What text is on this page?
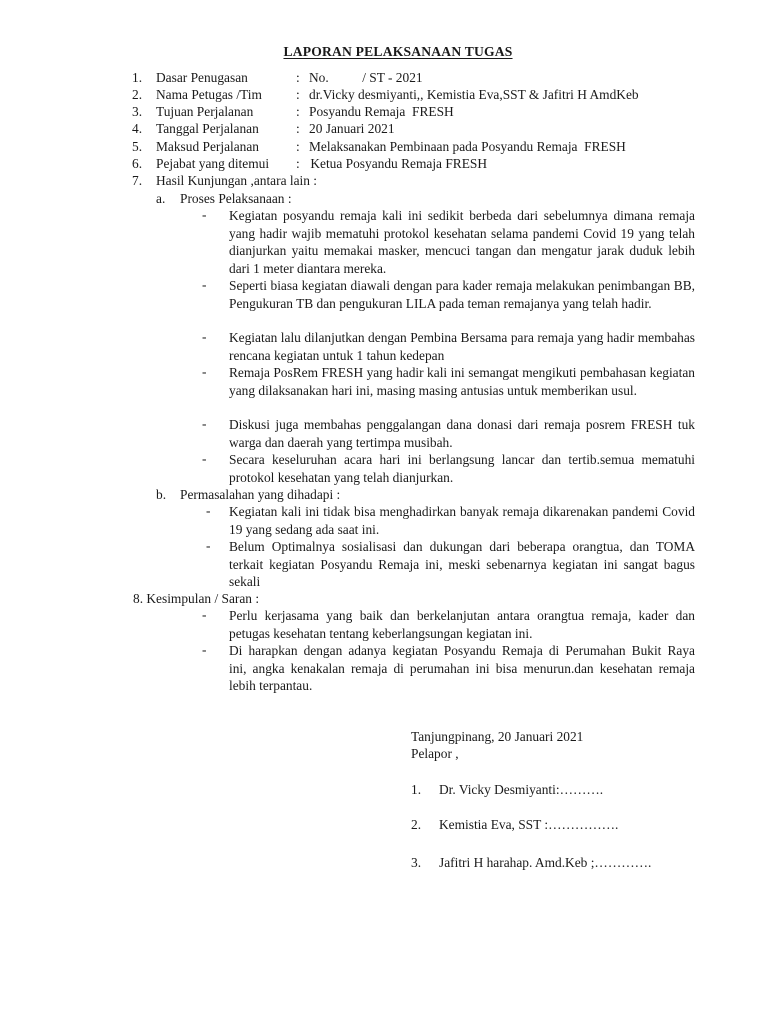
LAPORAN PELAKSANAAN TUGAS
1. Dasar Penugasan	: No.          / ST - 2021
2. Nama Petugas /Tim	: dr.Vicky desmiyanti,, Kemistia Eva,SST & Jafitri H AmdKeb
3. Tujuan Perjalanan	: Posyandu Remaja  FRESH
4. Tanggal Perjalanan	: 20 Januari 2021
5. Maksud Perjalanan	: Melaksanakan Pembinaan pada Posyandu Remaja  FRESH
6. Pejabat yang ditemui : Ketua Posyandu Remaja FRESH
7. Hasil Kunjungan ,antara lain :
a. Proses Pelaksanaan :
- Kegiatan posyandu remaja kali ini sedikit berbeda dari sebelumnya dimana remaja yang hadir wajib mematuhi protokol kesehatan selama pandemi Covid 19 yang telah dianjurkan yaitu memakai masker, mencuci tangan dan mengatur jarak duduk lebih dari 1 meter diantara mereka.
- Seperti biasa kegiatan diawali dengan para kader remaja melakukan penimbangan BB, Pengukuran TB dan pengukuran LILA pada teman remajanya yang telah hadir.
- Kegiatan lalu dilanjutkan dengan Pembina Bersama para remaja yang hadir membahas rencana kegiatan untuk 1 tahun kedepan
- Remaja PosRem FRESH yang hadir kali ini semangat mengikuti pembahasan kegiatan yang dilaksanakan hari ini, masing masing antusias untuk memberikan usul.
- Diskusi juga membahas penggalangan dana donasi dari remaja posrem FRESH tuk warga dan daerah yang tertimpa musibah.
- Secara keseluruhan acara hari ini berlangsung lancar dan tertib.semua mematuhi protokol kesehatan yang telah dianjurkan.
b. Permasalahan yang dihadapi :
- Kegiatan kali ini tidak bisa menghadirkan banyak remaja dikarenakan pandemi Covid 19 yang sedang ada saat ini.
- Belum Optimalnya sosialisasi dan dukungan dari beberapa orangtua, dan TOMA terkait kegiatan Posyandu Remaja ini, meski sebenarnya kegiatan ini sangat bagus sekali
8. Kesimpulan / Saran :
- Perlu kerjasama yang baik dan berkelanjutan antara orangtua remaja, kader dan petugas kesehatan tentang keberlangsungan kegiatan ini.
- Di harapkan dengan adanya kegiatan Posyandu Remaja di Perumahan Bukit Raya   ini, angka kenakalan remaja di perumahan ini bisa menurun.dan kesehatan remaja lebih terpantau.
Tanjungpinang, 20 Januari 2021
Pelapor ,
1. Dr. Vicky Desmiyanti:……….
2. Kemistia Eva, SST :…………….
3. Jafitri H harahap. Amd.Keb ;………….
